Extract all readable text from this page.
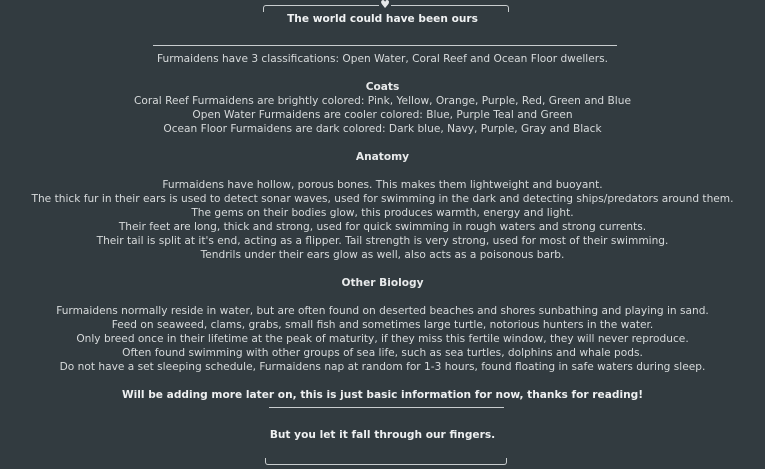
♥
The world could have been ours
Furmaidens have 3 classifications: Open Water, Coral Reef and Ocean Floor dwellers.
Coats
Coral Reef Furmaidens are brightly colored: Pink, Yellow, Orange, Purple, Red, Green and Blue
Open Water Furmaidens are cooler colored: Blue, Purple Teal and Green
Ocean Floor Furmaidens are dark colored: Dark blue, Navy, Purple, Gray and Black
Anatomy
Furmaidens have hollow, porous bones. This makes them lightweight and buoyant.
The thick fur in their ears is used to detect sonar waves, used for swimming in the dark and detecting ships/predators around them.
The gems on their bodies glow, this produces warmth, energy and light.
Their feet are long, thick and strong, used for quick swimming in rough waters and strong currents.
Their tail is split at it's end, acting as a flipper. Tail strength is very strong, used for most of their swimming.
Tendrils under their ears glow as well, also acts as a poisonous barb.
Other Biology
Furmaidens normally reside in water, but are often found on deserted beaches and shores sunbathing and playing in sand.
Feed on seaweed, clams, grabs, small fish and sometimes large turtle, notorious hunters in the water.
Only breed once in their lifetime at the peak of maturity, if they miss this fertile window, they will never reproduce.
Often found swimming with other groups of sea life, such as sea turtles, dolphins and whale pods.
Do not have a set sleeping schedule, Furmaidens nap at random for 1-3 hours, found floating in safe waters during sleep.
Will be adding more later on, this is just basic information for now, thanks for reading!
But you let it fall through our fingers.
